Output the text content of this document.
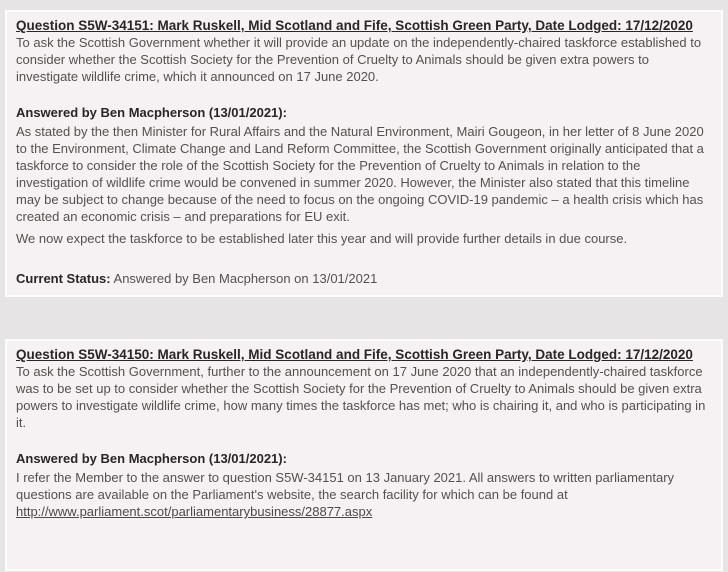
Question S5W-34151: Mark Ruskell, Mid Scotland and Fife, Scottish Green Party, Date Lodged: 17/12/2020

To ask the Scottish Government whether it will provide an update on the independently-chaired taskforce established to consider whether the Scottish Society for the Prevention of Cruelty to Animals should be given extra powers to investigate wildlife crime, which it announced on 17 June 2020.

Answered by Ben Macpherson (13/01/2021):

As stated by the then Minister for Rural Affairs and the Natural Environment, Mairi Gougeon, in her letter of 8 June 2020 to the Environment, Climate Change and Land Reform Committee, the Scottish Government originally anticipated that a taskforce to consider the role of the Scottish Society for the Prevention of Cruelty to Animals in relation to the investigation of wildlife crime would be convened in summer 2020. However, the Minister also stated that this timeline may be subject to change because of the need to focus on the ongoing COVID-19 pandemic – a health crisis which has created an economic crisis – and preparations for EU exit.

We now expect the taskforce to be established later this year and will provide further details in due course.

Current Status: Answered by Ben Macpherson on 13/01/2021

Question S5W-34150: Mark Ruskell, Mid Scotland and Fife, Scottish Green Party, Date Lodged: 17/12/2020

To ask the Scottish Government, further to the announcement on 17 June 2020 that an independently-chaired taskforce was to be set up to consider whether the Scottish Society for the Prevention of Cruelty to Animals should be given extra powers to investigate wildlife crime, how many times the taskforce has met; who is chairing it, and who is participating in it.

Answered by Ben Macpherson (13/01/2021):

I refer the Member to the answer to question S5W-34151 on 13 January 2021. All answers to written parliamentary questions are available on the Parliament's website, the search facility for which can be found at http://www.parliament.scot/parliamentarybusiness/28877.aspx
